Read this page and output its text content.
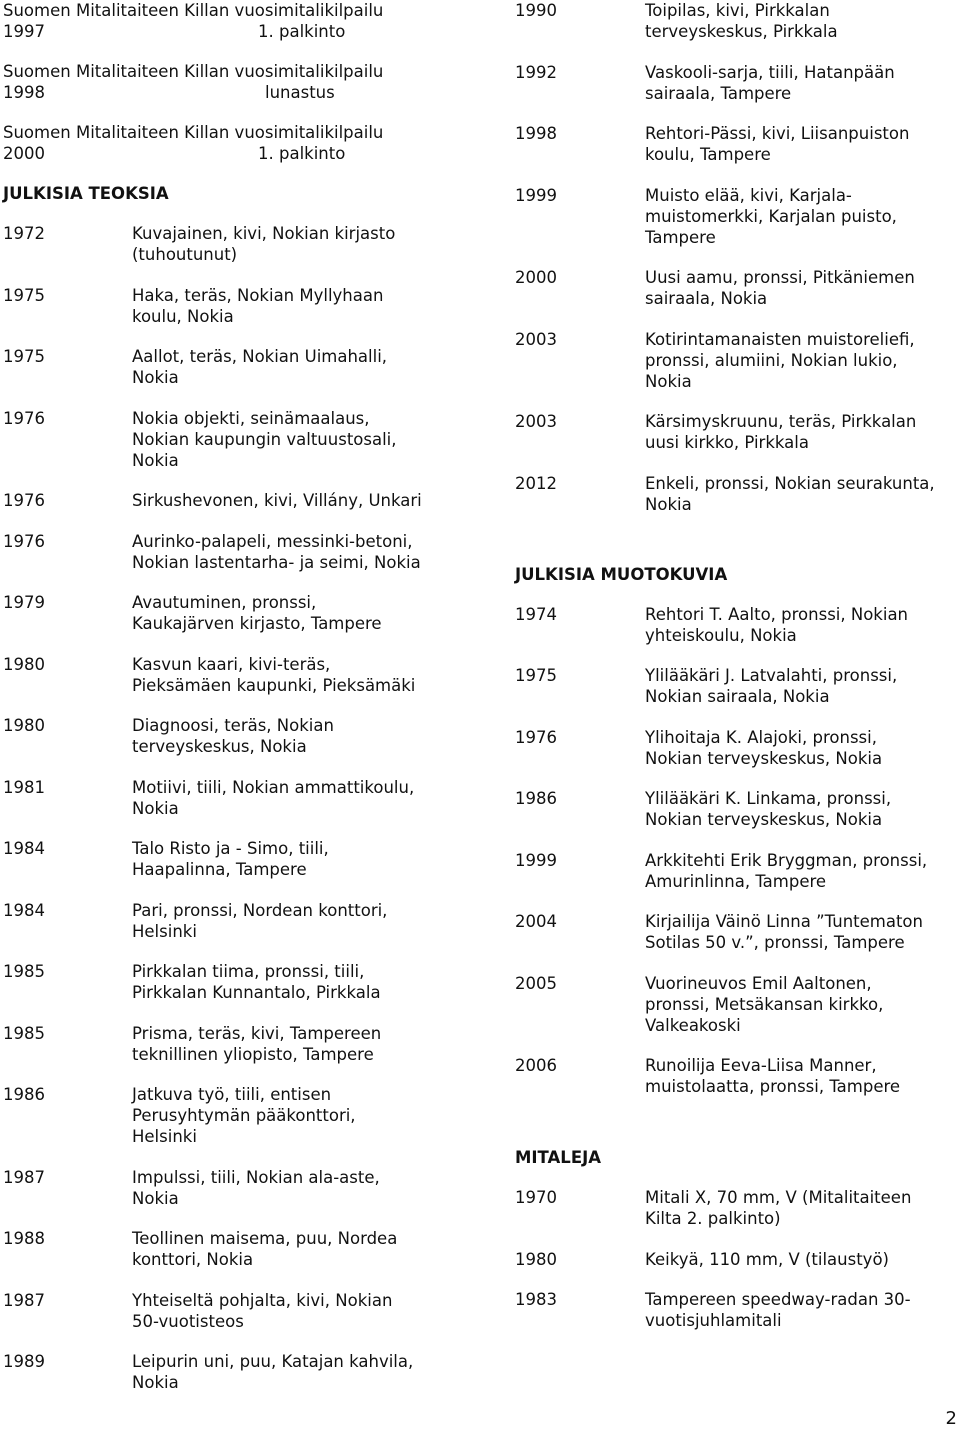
Suomen Mitalitaiteen Killan vuosimitalikilpailu
1997	1. palkinto
Suomen Mitalitaiteen Killan vuosimitalikilpailu
1998	lunastus
Suomen Mitalitaiteen Killan vuosimitalikilpailu
2000	1. palkinto
JULKISIA TEOKSIA
1972	Kuvajainen, kivi, Nokian kirjasto
(tuhoutunut)
1975	Haka, teräs, Nokian Myllyhaan
koulu, Nokia
1975	Aallot, teräs, Nokian Uimahalli,
Nokia
1976	Nokia objekti, seinämaalaus,
Nokian kaupungin valtuustosali,
Nokia
1976	Sirkushevonen, kivi, Villány, Unkari
1976	Aurinko-palapeli, messinki-betoni,
Nokian lastentarha- ja seimi, Nokia
1979	Avautuminen, pronssi,
Kaukajärven kirjasto, Tampere
1980	Kasvun kaari, kivi-teräs,
Pieksämäen kaupunki, Pieksämäki
1980	Diagnoosi, teräs, Nokian
terveyskeskus, Nokia
1981	Motiivi, tiili, Nokian ammattikoulu,
Nokia
1984	Talo Risto ja - Simo, tiili,
Haapalinna, Tampere
1984	Pari, pronssi, Nordean konttori,
Helsinki
1985	Pirkkalan tiima, pronssi, tiili,
Pirkkalan Kunnantalo, Pirkkala
1985	Prisma, teräs, kivi, Tampereen
teknillinen yliopisto, Tampere
1986	Jatkuva työ, tiili, entisen
Perusyhtymän pääkonttori,
Helsinki
1987	Impulssi, tiili, Nokian ala-aste,
Nokia
1988	Teollinen maisema, puu, Nordea
konttori, Nokia
1987	Yhteiseltä pohjalta, kivi, Nokian
50-vuotisteos
1989	Leipurin uni, puu, Katajan kahvila,
Nokia
1990	Toipilas, kivi, Pirkkalan
terveyskeskus, Pirkkala
1992	Vaskooli-sarja, tiili, Hatanpään
sairaala, Tampere
1998	Rehtori-Pässi, kivi, Liisanpuiston
koulu, Tampere
1999	Muisto elää, kivi, Karjala-
muistomerkki, Karjalan puisto,
Tampere
2000	Uusi aamu, pronssi, Pitkäniemen
sairaala, Nokia
2003	Kotirintamanaisten muistoreliefi,
pronssi, alumiini, Nokian lukio,
Nokia
2003	Kärsimyskruunu, teräs, Pirkkalan
uusi kirkko, Pirkkala
2012	Enkeli, pronssi, Nokian seurakunta,
Nokia
JULKISIA MUOTOKUVIA
1974	Rehtori T. Aalto, pronssi, Nokian
yhteiskoulu, Nokia
1975	Ylilääkäri J. Latvalahti, pronssi,
Nokian sairaala, Nokia
1976	Ylihoitaja K. Alajoki, pronssi,
Nokian terveyskeskus, Nokia
1986	Ylilääkäri K. Linkama, pronssi,
Nokian terveyskeskus, Nokia
1999	Arkkitehti Erik Bryggman, pronssi,
Amurinlinna, Tampere
2004	Kirjailija Väinö Linna ”Tuntematon
Sotilas 50 v.”, pronssi, Tampere
2005	Vuorineuvos Emil Aaltonen,
pronssi, Metsäkansan kirkko,
Valkeakoski
2006	Runoilija Eeva-Liisa Manner,
muistolaatta, pronssi, Tampere
MITALEJA
1970	Mitali X, 70 mm, V (Mitalitaiteen
Kilta 2. palkinto)
1980	Keikyä, 110 mm, V (tilaustyö)
1983	Tampereen speedway-radan 30-
vuotisjuhlamitali
2
